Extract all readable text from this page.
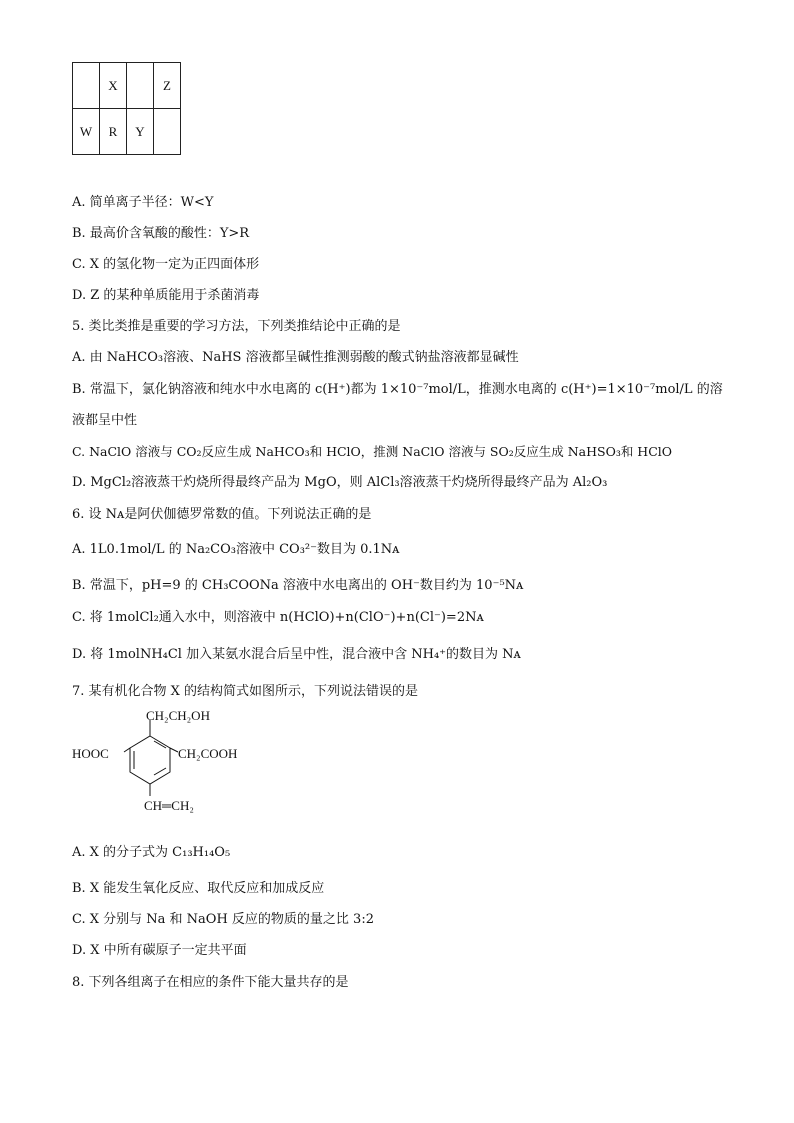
	X		Z
W	R	Y	
A. 简单离子半径：W<Y
B. 最高价含氧酸的酸性：Y>R
C. X 的氢化物一定为正四面体形
D. Z 的某种单质能用于杀菌消毒
5. 类比类推是重要的学习方法，下列类推结论中正确的是
A. 由 NaHCO₃溶液、NaHS 溶液都呈碱性推测弱酸的酸式钠盐溶液都显碱性
B. 常温下，氯化钠溶液和纯水中水电离的 c(H⁺)都为 1×10⁻⁷mol/L，推测水电离的 c(H⁺)=1×10⁻⁷mol/L 的溶
液都呈中性
C. NaClO 溶液与 CO₂反应生成 NaHCO₃和 HClO，推测 NaClO 溶液与 SO₂反应生成 NaHSO₃和 HClO
D. MgCl₂溶液蒸干灼烧所得最终产品为 MgO，则 AlCl₃溶液蒸干灼烧所得最终产品为 Al₂O₃
6. 设 Nᴀ是阿伏伽德罗常数的值。下列说法正确的是
A. 1L0.1mol/L 的 Na₂CO₃溶液中 CO₃²⁻数目为 0.1Nᴀ
B. 常温下，pH=9 的 CH₃COONa 溶液中水电离出的 OH⁻数目约为 10⁻⁵Nᴀ
C. 将 1molCl₂通入水中，则溶液中 n(HClO)+n(ClO⁻)+n(Cl⁻)=2Nᴀ
D. 将 1molNH₄Cl 加入某氨水混合后呈中性，混合液中含 NH₄⁺的数目为 Nᴀ
7. 某有机化合物 X 的结构简式如图所示，下列说法错误的是
CH₂CH₂OH
HOOC	CH₂COOH
CH═CH₂
A. X 的分子式为 C₁₃H₁₄O₅
B. X 能发生氧化反应、取代反应和加成反应
C. X 分别与 Na 和 NaOH 反应的物质的量之比 3:2
D. X 中所有碳原子一定共平面
8. 下列各组离子在相应的条件下能大量共存的是
